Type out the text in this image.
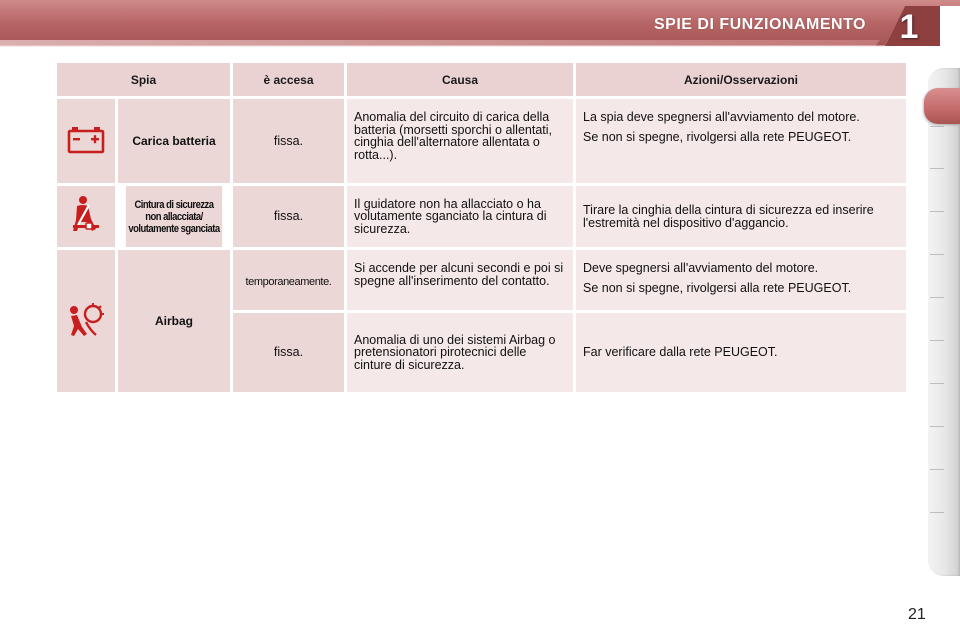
SPIE DI FUNZIONAMENTO 1
Spia		è accesa	Causa	Azioni/Osservazioni
	Carica batteria	fissa.	Anomalia del circuito di carica della batteria (morsetti sporchi o allentati, cinghia dell'alternatore allentata o rotta...).	La spia deve spegnersi all'avviamento del motore.

Se non si spegne, rivolgersi alla rete PEUGEOT.

	Cintura di sicurezza non allacciata/ volutamente sganciata	fissa.	Il guidatore non ha allacciato o ha volutamente sganciato la cintura di sicurezza.	Tirare la cinghia della cintura di sicurezza ed inserire l'estremità nel dispositivo d'aggancio.

	Airbag	temporaneamente.	Si accende per alcuni secondi e poi si spegne all'inserimento del contatto.	Deve spegnersi all'avviamento del motore.

Se non si spegne, rivolgersi alla rete PEUGEOT.

		fissa.	Anomalia di uno dei sistemi Airbag o pretensionatori pirotecnici delle cinture di sicurezza.	Far verificare dalla rete PEUGEOT.

21
